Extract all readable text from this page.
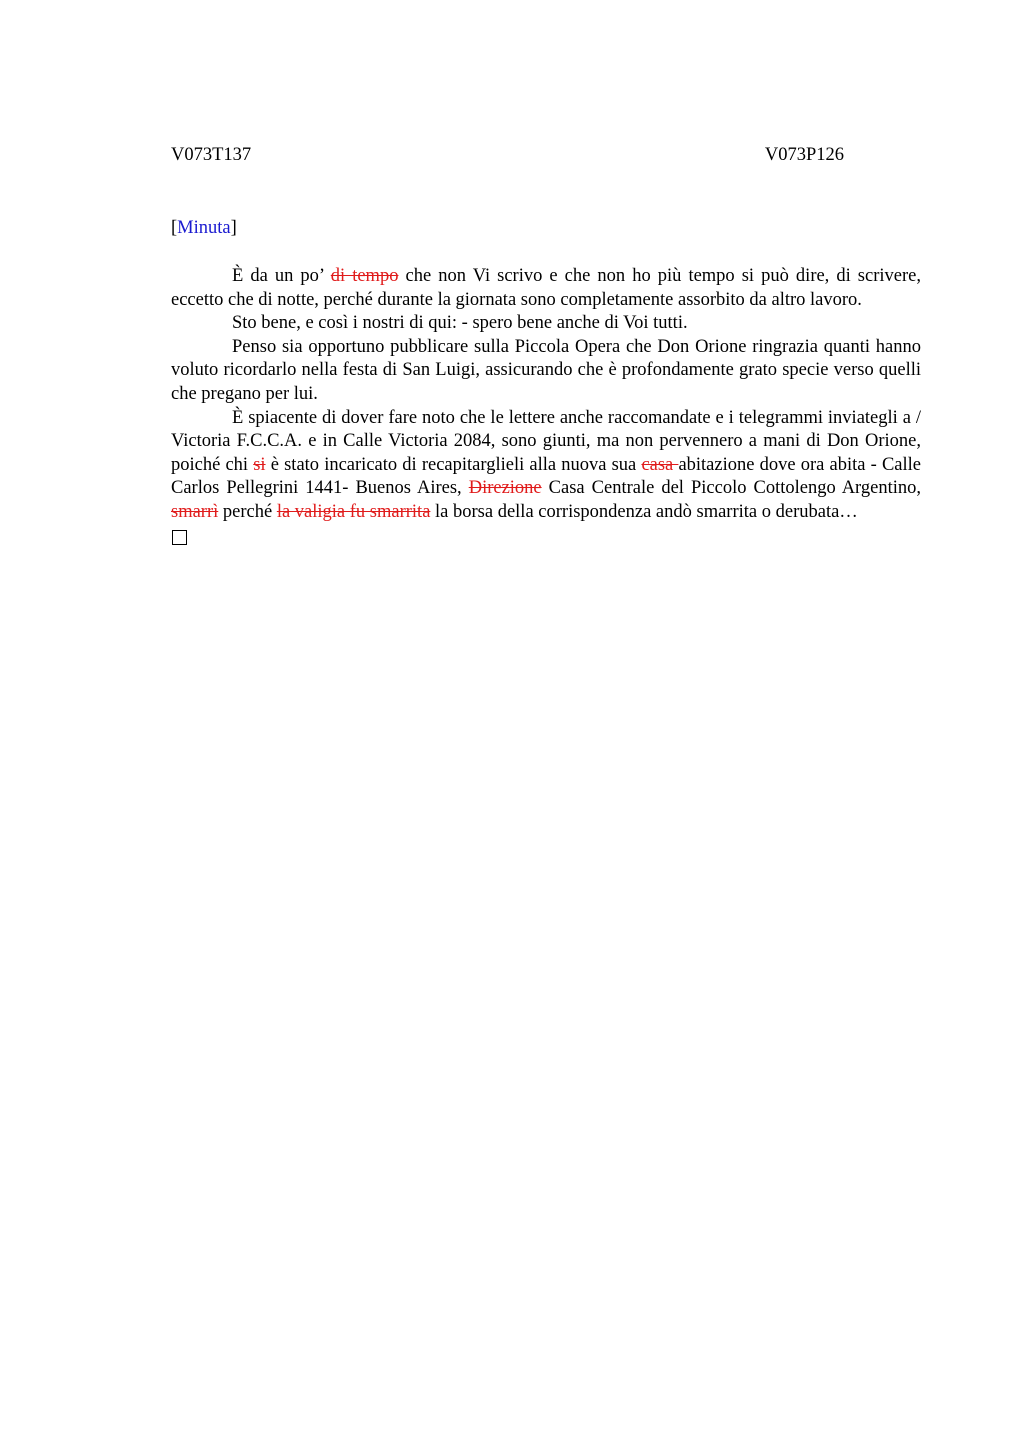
V073T137	V073P126
[Minuta]

È da un po’ di tempo che non Vi scrivo e che non ho più tempo si può dire, di scrivere, eccetto che di notte, perché durante la giornata sono completamente assorbito da altro lavoro.

Sto bene, e così i nostri di qui: - spero bene anche di Voi tutti.

Penso sia opportuno pubblicare sulla Piccola Opera che Don Orione ringrazia quanti hanno voluto ricordarlo nella festa di San Luigi, assicurando che è profondamente grato specie verso quelli che pregano per lui.

È spiacente di dover fare noto che le lettere anche raccomandate e i telegrammi inviategli a / Victoria F.C.C.A. e in Calle Victoria 2084, sono giunti, ma non pervennero a mani di Don Orione, poiché chi si è stato incaricato di recapitarglieli alla nuova sua casa abitazione dove ora abita - Calle Carlos Pellegrini 1441- Buenos Aires, Direzione Casa Centrale del Piccolo Cottolengo Argentino, smarrì perché la valigia fu smarrita la borsa della corrispondenza andò smarrita o derubata…
